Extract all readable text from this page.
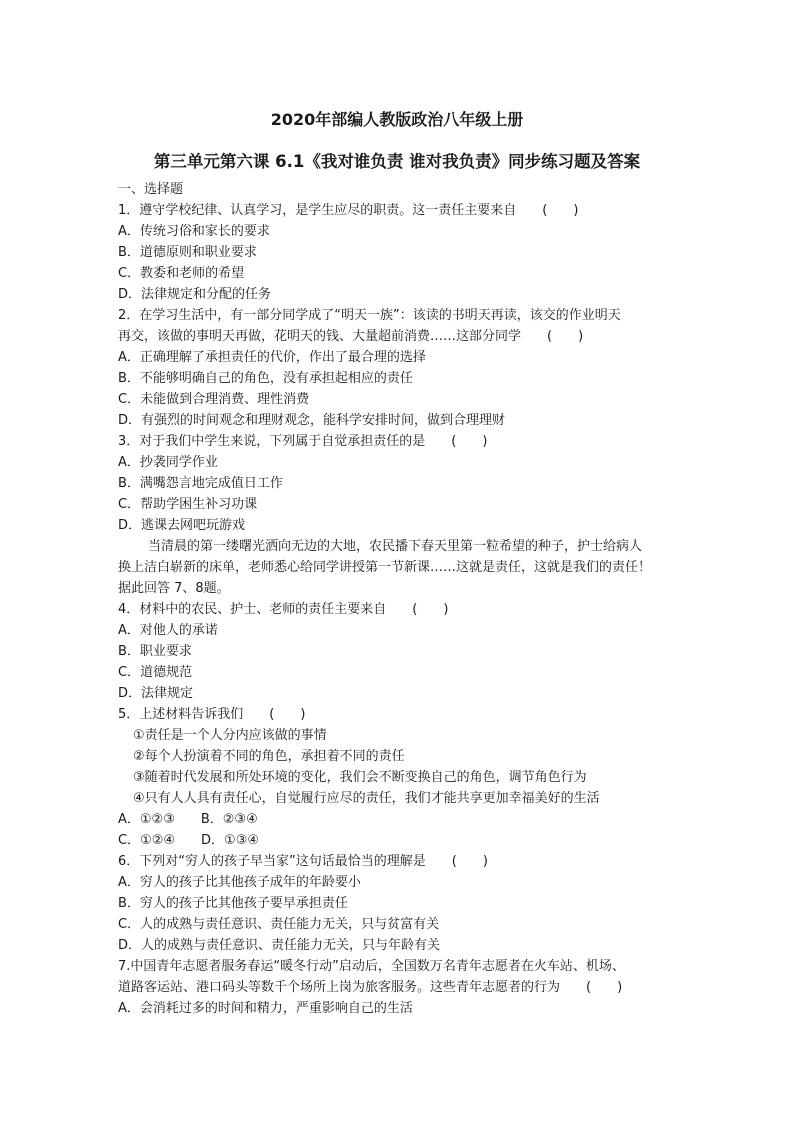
2020年部编人教版政治八年级上册
第三单元第六课 6.1《我对谁负责 谁对我负责》同步练习题及答案
一、选择题
1．遵守学校纪律、认真学习，是学生应尽的职责。这一责任主要来自　　(　　)
A．传统习俗和家长的要求
B．道德原则和职业要求
C．教委和老师的希望
D．法律规定和分配的任务
2．在学习生活中，有一部分同学成了“明天一族”：该读的书明天再读，该交的作业明天
再交，该做的事明天再做，花明天的钱、大量超前消费……这部分同学　　(　　)
A．正确理解了承担责任的代价，作出了最合理的选择
B．不能够明确自己的角色，没有承担起相应的责任
C．未能做到合理消费、理性消费
D．有强烈的时间观念和理财观念，能科学安排时间，做到合理理财
3．对于我们中学生来说，下列属于自觉承担责任的是　　(　　)
A．抄袭同学作业
B．满嘴怨言地完成值日工作
C．帮助学困生补习功课
D．逃课去网吧玩游戏
当清晨的第一缕曙光洒向无边的大地，农民播下春天里第一粒希望的种子，护士给病人
换上洁白崭新的床单，老师悉心给同学讲授第一节新课……这就是责任，这就是我们的责任！
据此回答 7、8题。
4．材料中的农民、护士、老师的责任主要来自　　(　　)
A．对他人的承诺
B．职业要求
C．道德规范
D．法律规定
5．上述材料告诉我们　　(　　)
①责任是一个人分内应该做的事情
②每个人扮演着不同的角色，承担着不同的责任
③随着时代发展和所处环境的变化，我们会不断变换自己的角色，调节角色行为
④只有人人具有责任心，自觉履行应尽的责任，我们才能共享更加幸福美好的生活
A．①②③　　B．②③④
C．①②④　　D．①③④
6．下列对“穷人的孩子早当家”这句话最恰当的理解是　　(　　)
A．穷人的孩子比其他孩子成年的年龄要小
B．穷人的孩子比其他孩子要早承担责任
C．人的成熟与责任意识、责任能力无关，只与贫富有关
D．人的成熟与责任意识、责任能力无关，只与年龄有关
7.中国青年志愿者服务春运“暖冬行动”启动后，全国数万名青年志愿者在火车站、机场、
道路客运站、港口码头等数千个场所上岗为旅客服务。这些青年志愿者的行为　　(　　)
A．会消耗过多的时间和精力，严重影响自己的生活
